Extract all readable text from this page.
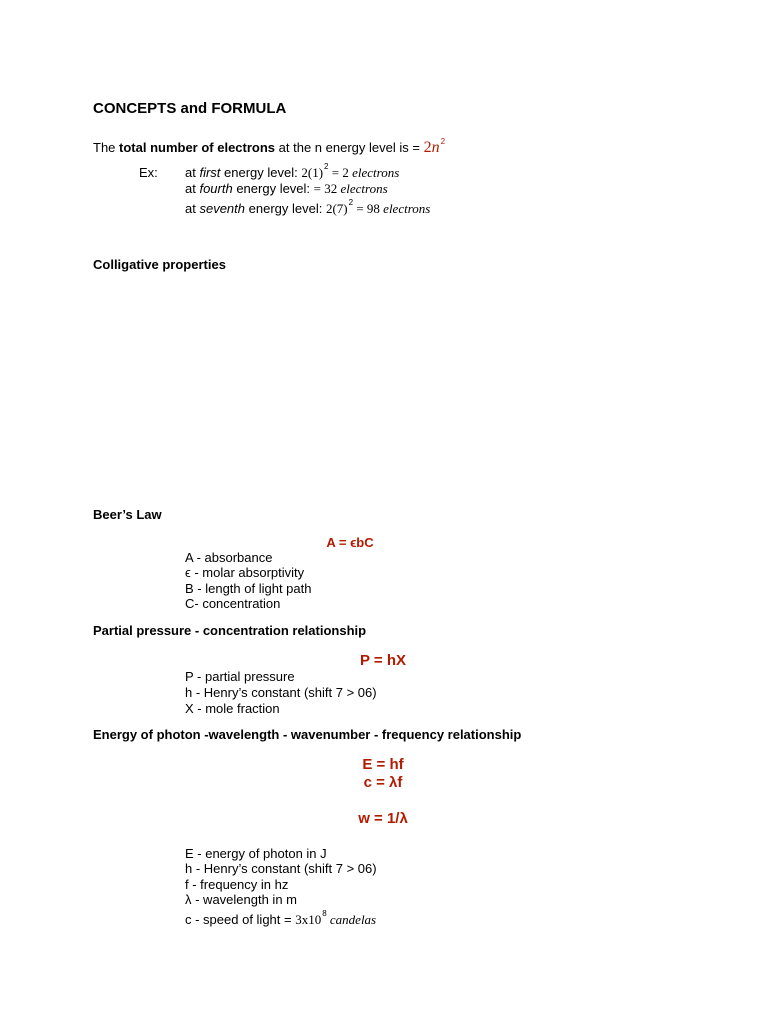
CONCEPTS and FORMULA
The total number of electrons at the n energy level is = $2n^2$
Ex: at first energy level: $2(1)^2 = 2$ electrons
at fourth energy level: = 32 electrons
at seventh energy level: $2(7)^2 = 98$ electrons
Colligative properties
Beer’s Law
A = ϵbC
A - absorbance
ϵ - molar absorptivity
B - length of light path
C- concentration
Partial pressure - concentration relationship
P = hX
P - partial pressure
h - Henry’s constant (shift 7 > 06)
X - mole fraction
Energy of photon -wavelength - wavenumber - frequency relationship
E = hf
c = λf
w = 1/λ
E - energy of photon in J
h - Henry’s constant (shift 7 > 06)
f - frequency in hz
λ - wavelength in m
c - speed of light = $3x10^8$ candelas
